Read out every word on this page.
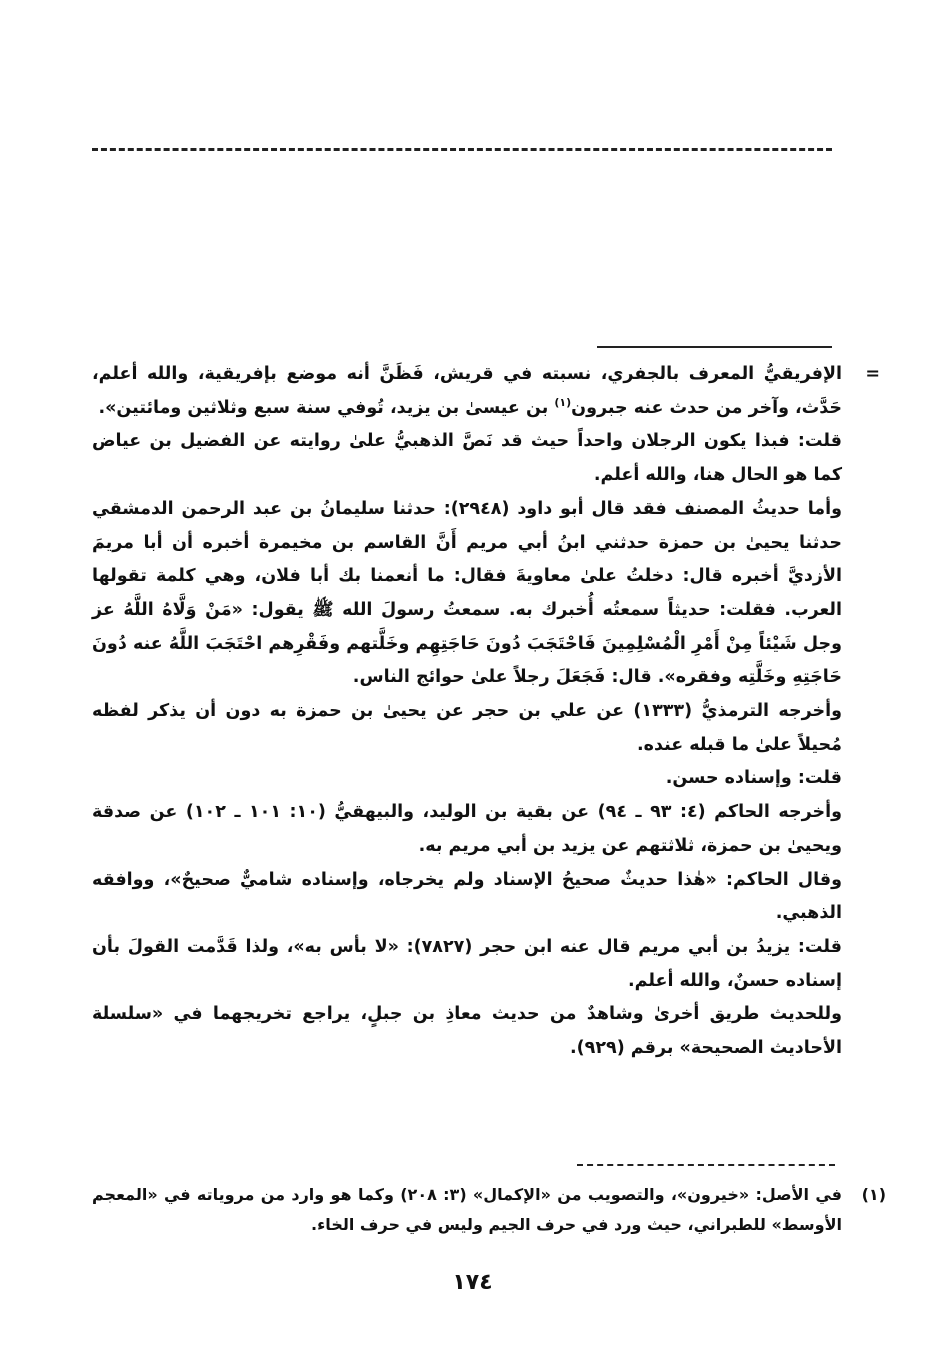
=

الإفريقيُّ المعرف بالجفري، نسبته في قريش، فَظَنَّ أنه موضع بإفريقية، والله أعلم، حَدَّث، وآخر من حدث عنه جبرون$^{(١)}$ بن عيسىٰ بن يزيد، تُوفي سنة سبع وثلاثين ومائتين».

قلت: فبذا يكون الرجلان واحداً حيث قد نَصَّ الذهبيُّ علىٰ روايته عن الفضيل بن عياض كما هو الحال هنا، والله أعلم.

وأما حديثُ المصنف فقد قال أبو داود (٢٩٤٨): حدثنا سليمانُ بن عبد الرحمن الدمشقي حدثنا يحيىٰ بن حمزة حدثني ابنُ أبي مريم أَنَّ القاسم بن مخيمرة أخبره أن أبا مريمَ الأزديَّ أخبره قال: دخلتُ علىٰ معاويةَ فقال: ما أنعمنا بك أبا فلان، وهي كلمة تقولها العرب. فقلت: حديثاً سمعتُه أُخبرك به. سمعتُ رسولَ الله ﷺ يقول: «مَنْ وَلَّاهُ اللَّهُ عز وجل شَيْئاً مِنْ أَمْرِ الْمُسْلِمِينَ فَاحْتَجَبَ دُونَ حَاجَتِهِم وخَلَّتهم وفَقْرِهم احْتَجَبَ اللَّهُ عنه دُونَ حَاجَتِهِ وخَلَّتِه وفقره». قال: فَجَعَلَ رجلاً علىٰ حوائج الناس.

وأخرجه الترمذيُّ (١٣٣٣) عن علي بن حجر عن يحيىٰ بن حمزة به دون أن يذكر لفظه مُحيلاً علىٰ ما قبله عنده.

قلت: وإسناده حسن.

وأخرجه الحاكم (٤: ٩٣ ـ ٩٤) عن بقية بن الوليد، والبيهقيُّ (١٠: ١٠١ ـ ١٠٢) عن صدقة ويحيىٰ بن حمزة، ثلاثتهم عن يزيد بن أبي مريم به.

وقال الحاكم: «هٰذا حديثٌ صحيحُ الإسناد ولم يخرجاه، وإسناده شاميٌّ صحيحٌ»، ووافقه الذهبي.

قلت: يزيدُ بن أبي مريم قال عنه ابن حجر (٧٨٢٧): «لا بأس به»، ولذا قَدَّمت القولَ بأن إسناده حسنٌ، والله أعلم.

وللحديث طريق أخرىٰ وشاهدٌ من حديث معاذِ بن جبلٍ، يراجع تخريجهما في «سلسلة الأحاديث الصحيحة» برقم (٩٢٩).

(١)
في الأصل: «خيرون»، والتصويب من «الإكمال» (٣: ٢٠٨) وكما هو وارد من مروياته في «المعجم الأوسط» للطبراني، حيث ورد في حرف الجيم وليس في حرف الخاء.
١٧٤
